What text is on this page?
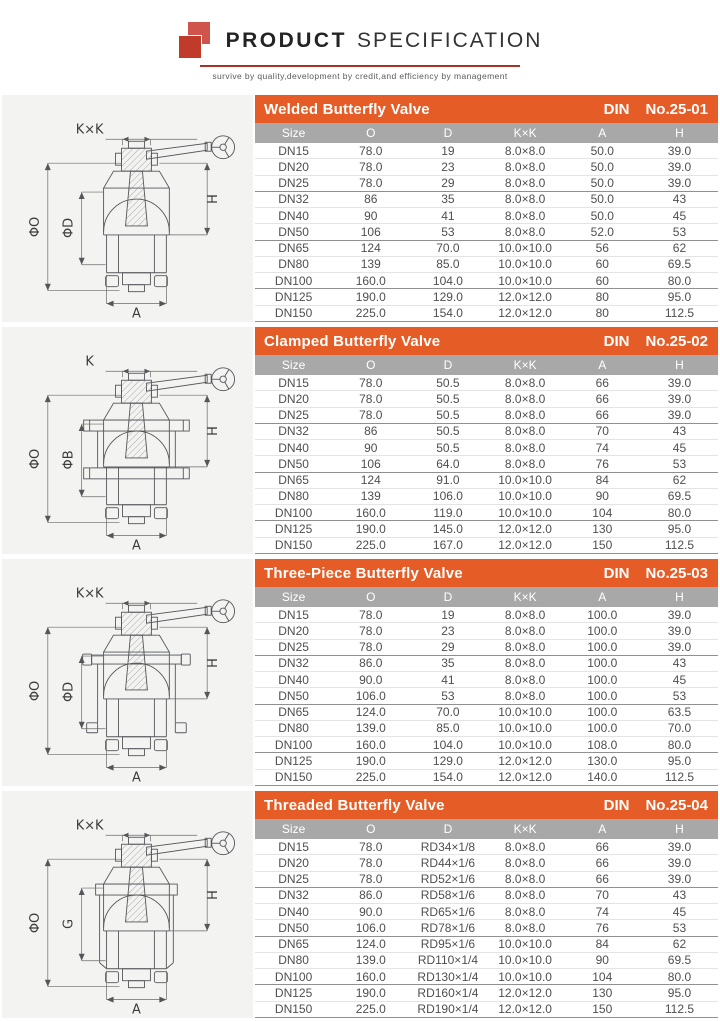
PRODUCT SPECIFICATION
survive by quality,development by credit,and efficiency by management
K×K
ΦO ΦD
H
A
Welded Butterfly Valve	DIN No.25-01
Size	O	D	K×K	A	H
DN15	78.0	19	8.0×8.0	50.0	39.0
DN20	78.0	23	8.0×8.0	50.0	39.0
DN25	78.0	29	8.0×8.0	50.0	39.0
DN32	86	35	8.0×8.0	50.0	43
DN40	90	41	8.0×8.0	50.0	45
DN50	106	53	8.0×8.0	52.0	53
DN65	124	70.0	10.0×10.0	56	62
DN80	139	85.0	10.0×10.0	60	69.5
DN100	160.0	104.0	10.0×10.0	60	80.0
DN125	190.0	129.0	12.0×12.0	80	95.0
DN150	225.0	154.0	12.0×12.0	80	112.5
K
ΦO ΦB
H
A
Clamped Butterfly Valve	DIN No.25-02
Size	O	D	K×K	A	H
DN15	78.0	50.5	8.0×8.0	66	39.0
DN20	78.0	50.5	8.0×8.0	66	39.0
DN25	78.0	50.5	8.0×8.0	66	39.0
DN32	86	50.5	8.0×8.0	70	43
DN40	90	50.5	8.0×8.0	74	45
DN50	106	64.0	8.0×8.0	76	53
DN65	124	91.0	10.0×10.0	84	62
DN80	139	106.0	10.0×10.0	90	69.5
DN100	160.0	119.0	10.0×10.0	104	80.0
DN125	190.0	145.0	12.0×12.0	130	95.0
DN150	225.0	167.0	12.0×12.0	150	112.5
K×K
ΦO ΦD
H
A
Three-Piece Butterfly Valve	DIN No.25-03
Size	O	D	K×K	A	H
DN15	78.0	19	8.0×8.0	100.0	39.0
DN20	78.0	23	8.0×8.0	100.0	39.0
DN25	78.0	29	8.0×8.0	100.0	39.0
DN32	86.0	35	8.0×8.0	100.0	43
DN40	90.0	41	8.0×8.0	100.0	45
DN50	106.0	53	8.0×8.0	100.0	53
DN65	124.0	70.0	10.0×10.0	100.0	63.5
DN80	139.0	85.0	10.0×10.0	100.0	70.0
DN100	160.0	104.0	10.0×10.0	108.0	80.0
DN125	190.0	129.0	12.0×12.0	130.0	95.0
DN150	225.0	154.0	12.0×12.0	140.0	112.5
K×K
ΦO G
H
A
Threaded Butterfly Valve	DIN No.25-04
Size	O	D	K×K	A	H
DN15	78.0	RD34×1/8	8.0×8.0	66	39.0
DN20	78.0	RD44×1/6	8.0×8.0	66	39.0
DN25	78.0	RD52×1/6	8.0×8.0	66	39.0
DN32	86.0	RD58×1/6	8.0×8.0	70	43
DN40	90.0	RD65×1/6	8.0×8.0	74	45
DN50	106.0	RD78×1/6	8.0×8.0	76	53
DN65	124.0	RD95×1/6	10.0×10.0	84	62
DN80	139.0	RD110×1/4	10.0×10.0	90	69.5
DN100	160.0	RD130×1/4	10.0×10.0	104	80.0
DN125	190.0	RD160×1/4	12.0×12.0	130	95.0
DN150	225.0	RD190×1/4	12.0×12.0	150	112.5
